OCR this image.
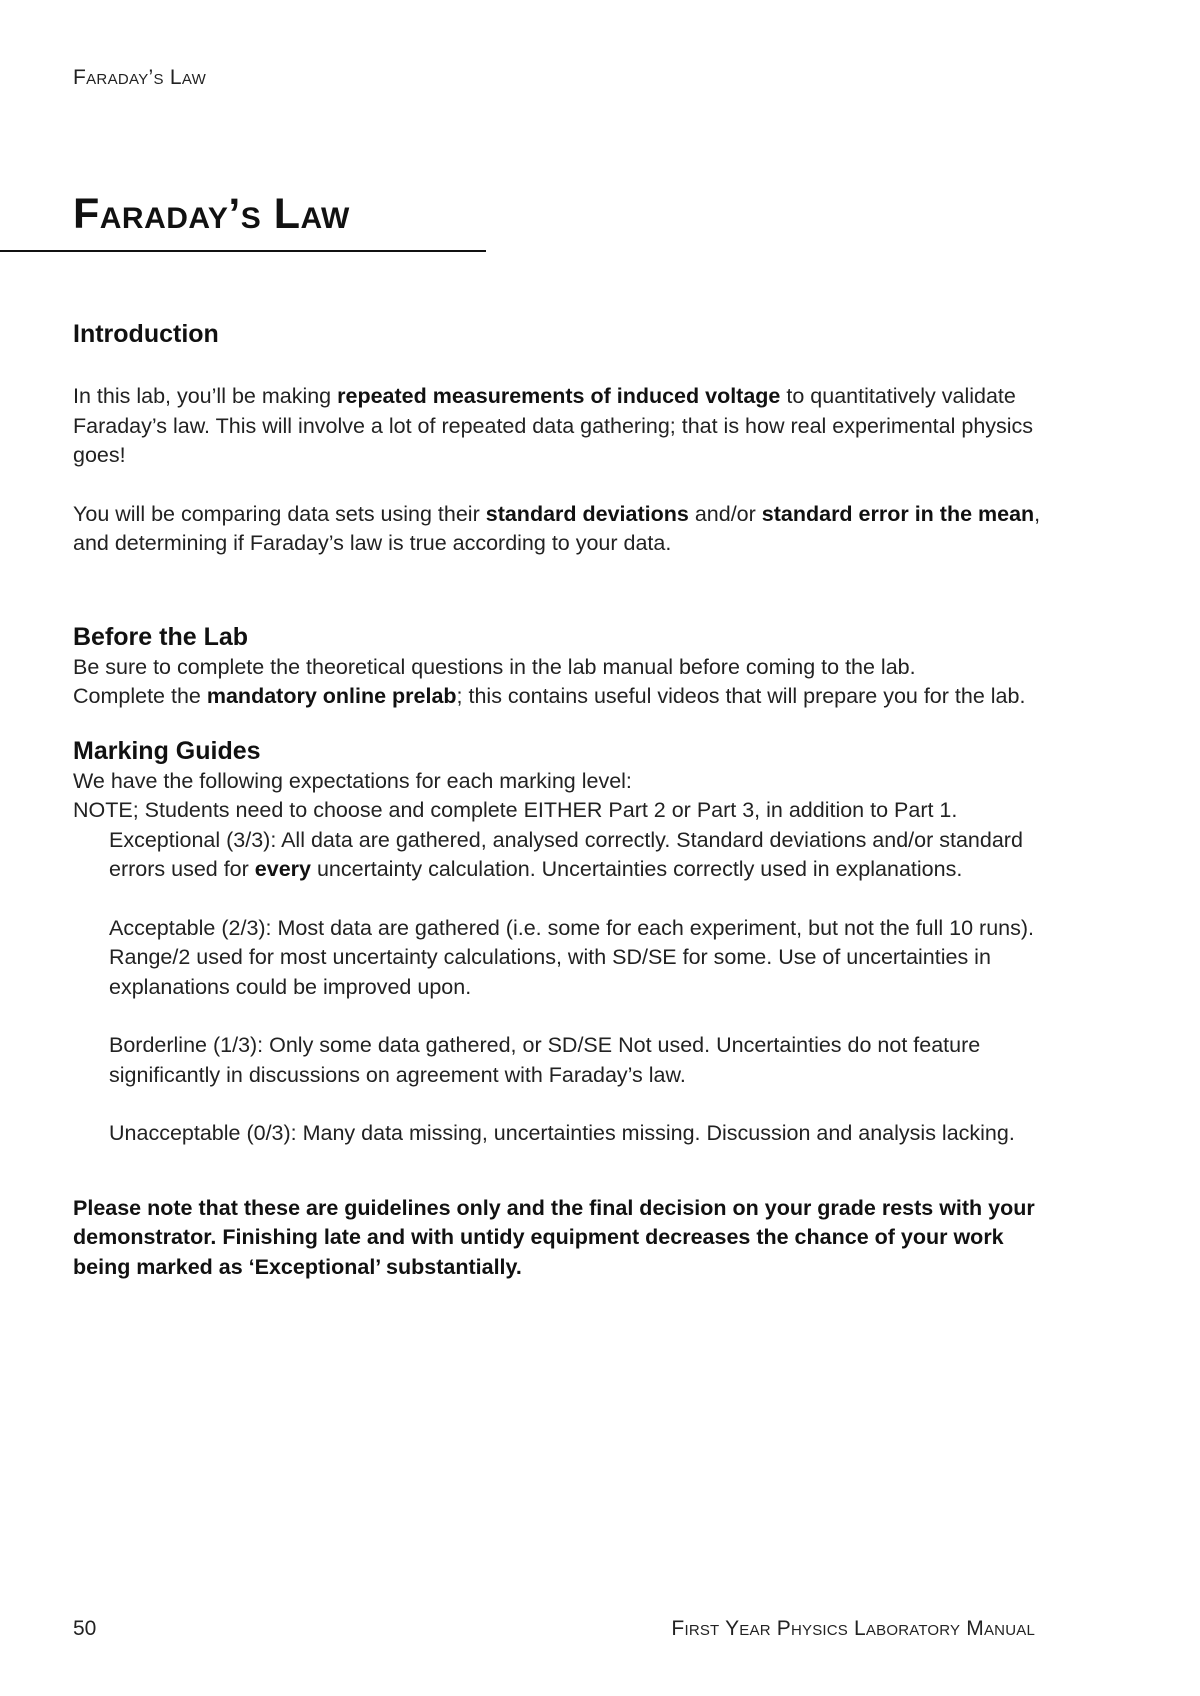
Faraday’s Law
Faraday’s Law
Introduction

In this lab, you’ll be making repeated measurements of induced voltage to quantitatively validate Faraday’s law. This will involve a lot of repeated data gathering; that is how real experimental physics goes!

You will be comparing data sets using their standard deviations and/or standard error in the mean, and determining if Faraday’s law is true according to your data.

Before the Lab

Be sure to complete the theoretical questions in the lab manual before coming to the lab.

Complete the mandatory online prelab; this contains useful videos that will prepare you for the lab.

Marking Guides

We have the following expectations for each marking level:

NOTE; Students need to choose and complete EITHER Part 2 or Part 3, in addition to Part 1.

Exceptional (3/3): All data are gathered, analysed correctly. Standard deviations and/or standard errors used for every uncertainty calculation. Uncertainties correctly used in explanations.

Acceptable (2/3): Most data are gathered (i.e. some for each experiment, but not the full 10 runs). Range/2 used for most uncertainty calculations, with SD/SE for some. Use of uncertainties in explanations could be improved upon.

Borderline (1/3): Only some data gathered, or SD/SE Not used. Uncertainties do not feature significantly in discussions on agreement with Faraday’s law.

Unacceptable (0/3): Many data missing, uncertainties missing. Discussion and analysis lacking.

Please note that these are guidelines only and the final decision on your grade rests with your demonstrator. Finishing late and with untidy equipment decreases the chance of your work being marked as ‘Exceptional’ substantially.

50	First Year Physics Laboratory Manual
